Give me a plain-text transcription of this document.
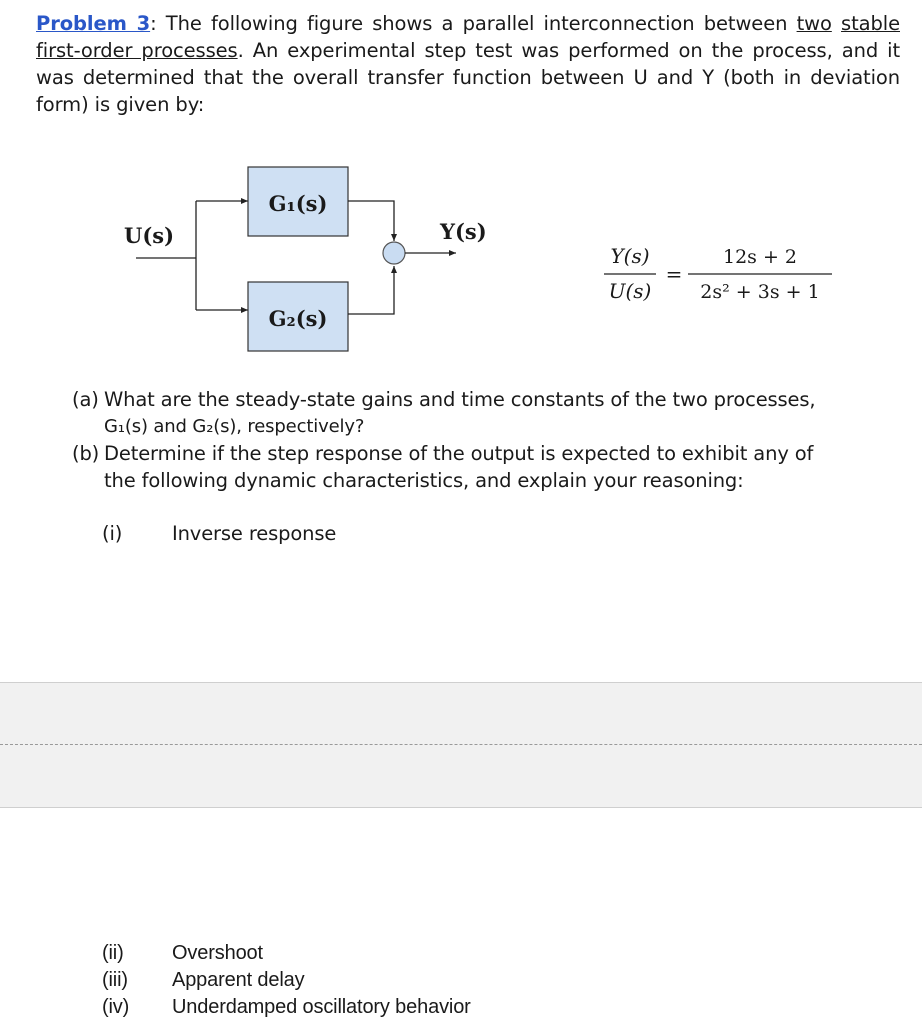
Problem 3: The following figure shows a parallel interconnection between two stable first-order processes. An experimental step test was performed on the process, and it was determined that the overall transfer function between U and Y (both in deviation form) is given by:

G₁(s)
G₂(s)
U(s)	Y(s)
Y(s)
U(s)
=
12s + 2
2s² + 3s + 1
(a) What are the steady-state gains and time constants of the two processes,
G₁(s) and G₂(s), respectively?
(b) Determine if the step response of the output is expected to exhibit any of
the following dynamic characteristics, and explain your reasoning:
(i)	Inverse response
(ii) Overshoot
(iii) Apparent delay
(iv) Underdamped oscillatory behavior
